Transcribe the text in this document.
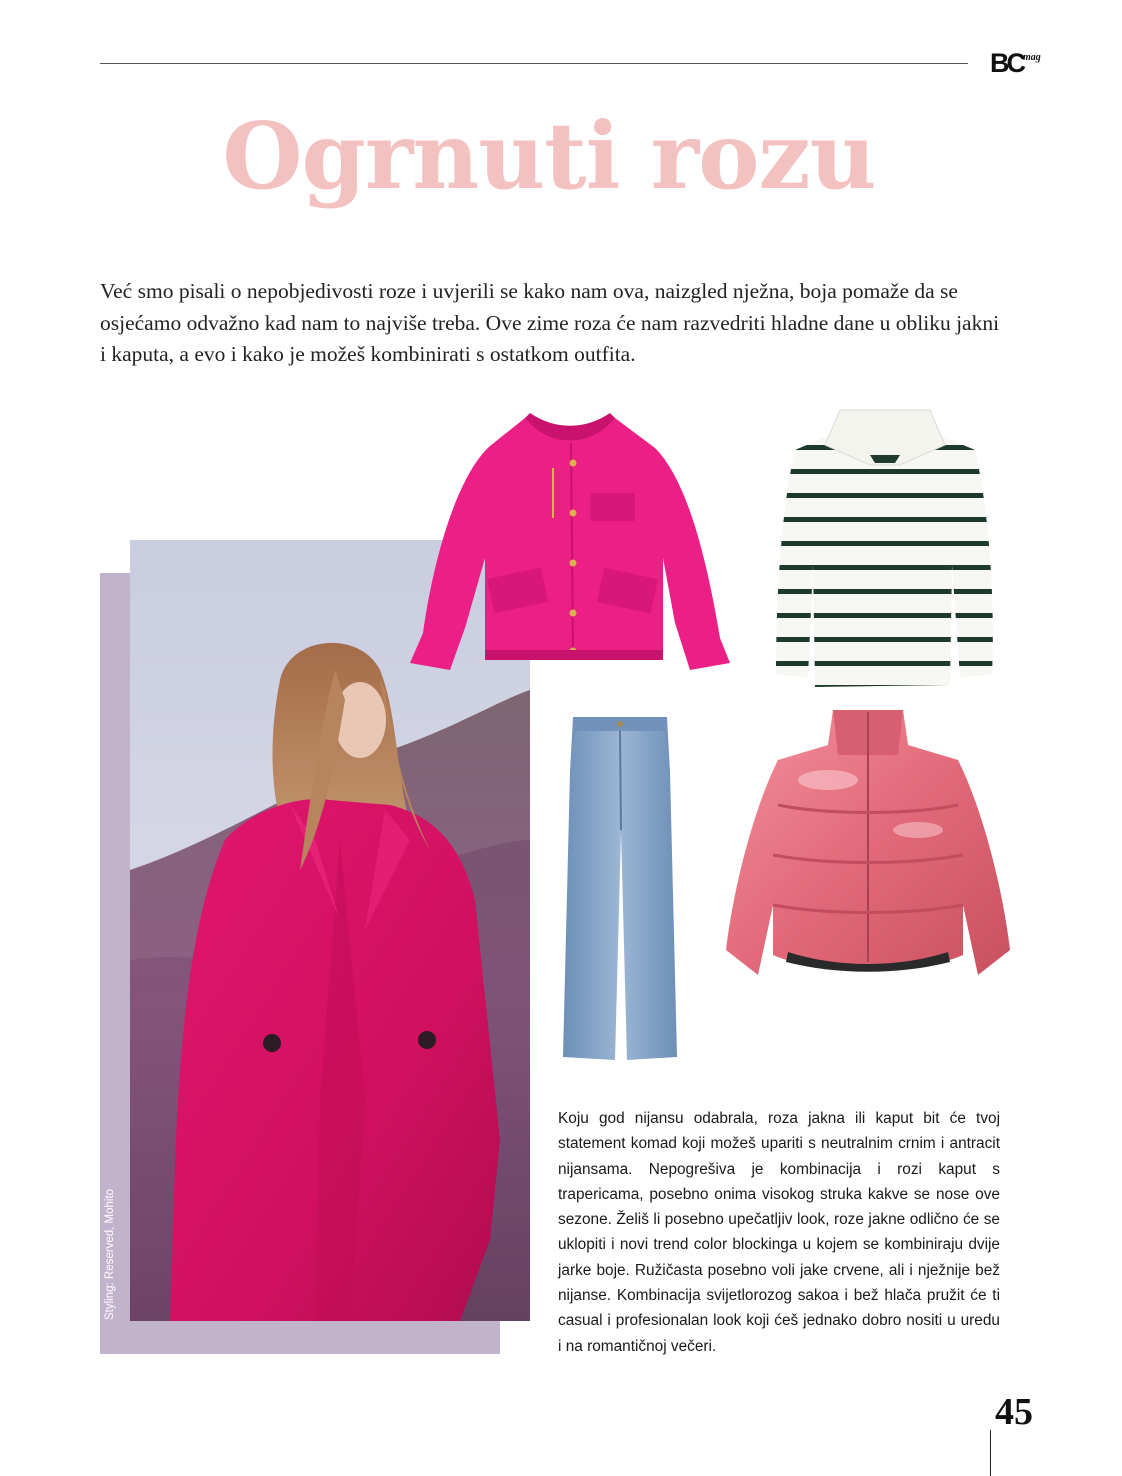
BC mag
Ogrnuti rozu

Već smo pisali o nepobjedivosti roze i uvjerili se kako nam ova, naizgled nježna, boja pomaže da se osjećamo odvažno kad nam to najviše treba. Ove zime roza će nam razvedriti hladne dane u obliku jakni i kaputa, a evo i kako je možeš kombinirati s ostatkom outfita.

Styling: Reserved, Mohito

Koju god nijansu odabrala, roza jakna ili kaput bit će tvoj statement komad koji možeš upariti s neutralnim crnim i antracit nijansama. Nepogrešiva je kombinacija i rozi kaput s trapericama, posebno onima visokog struka kakve se nose ove sezone. Želiš li posebno upečatljiv look, roze jakne odlično će se uklopiti i novi trend color blockinga u kojem se kombiniraju dvije jarke boje. Ružičasta posebno voli jake crvene, ali i nježnije bež nijanse. Kombinacija svijetlorozog sakoa i bež hlača pružit će ti casual i profesionalan look koji ćeš jednako dobro nositi u uredu i na romantičnoj večeri.

45
